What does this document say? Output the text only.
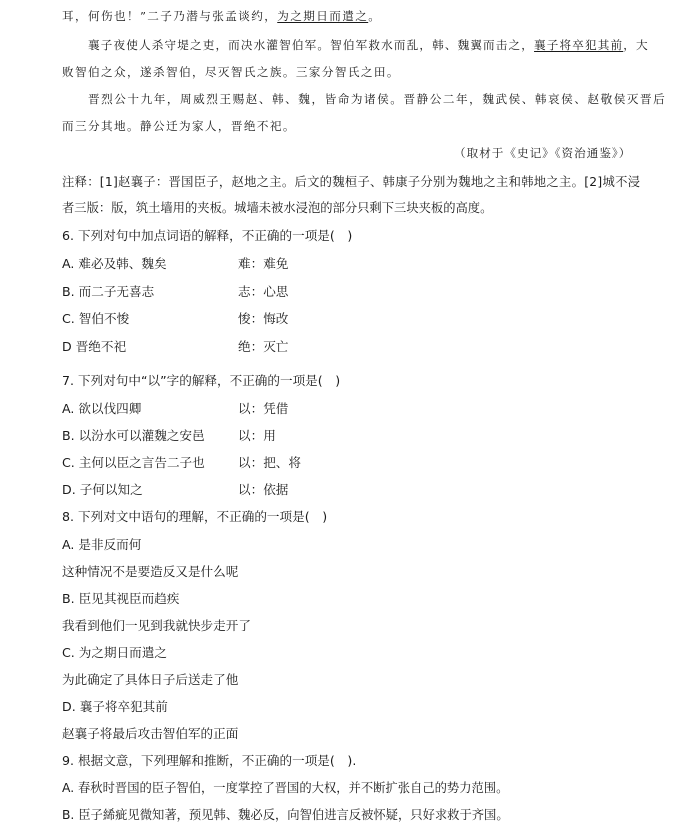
耳，何伤也！”二子乃潜与张孟谈约，为之期日而遣之。
襄子夜使人杀守堤之吏，而决水灌智伯军。智伯军救水而乱，韩、魏翼而击之，襄子将卒犯其前，大
败智伯之众，遂杀智伯，尽灭智氏之族。三家分智氏之田。
晋烈公十九年，周威烈王赐赵、韩、魏，皆命为诸侯。晋静公二年，魏武侯、韩哀侯、赵敬侯灭晋后
而三分其地。静公迁为家人，晋绝不祀。
（取材于《史记》《资治通鉴》）
注释：[1]赵襄子：晋国臣子，赵地之主。后文的魏桓子、韩康子分别为魏地之主和韩地之主。[2]城不浸
者三版：版，筑土墙用的夹板。城墙未被水浸泡的部分只剩下三块夹板的高度。
6. 下列对句中加点词语的解释，不正确的一项是(　)
A. 难必及韩、魏矣	难：难免
B. 而二子无喜志	志：心思
C. 智伯不悛	悛：悔改
D 晋绝不祀	绝：灭亡
7. 下列对句中“以”字的解释，不正确的一项是(　)
A. 欲以伐四卿	以：凭借
B. 以汾水可以灌魏之安邑	以：用
C. 主何以臣之言告二子也	以：把、将
D. 子何以知之	以：依据
8. 下列对文中语句的理解，不正确的一项是(　)
A. 是非反而何
这种情况不是要造反又是什么呢
B. 臣见其视臣而趋疾
我看到他们一见到我就快步走开了
C. 为之期日而遣之
为此确定了具体日子后送走了他
D. 襄子将卒犯其前
赵襄子将最后攻击智伯军的正面
9. 根据文意，下列理解和推断，不正确的一项是(　).
A. 春秋时晋国的臣子智伯，一度掌控了晋国的大权，并不断扩张自己的势力范围。
B. 臣子絺疵见微知著，预见韩、魏必反，向智伯进言反被怀疑，只好求救于齐国。
